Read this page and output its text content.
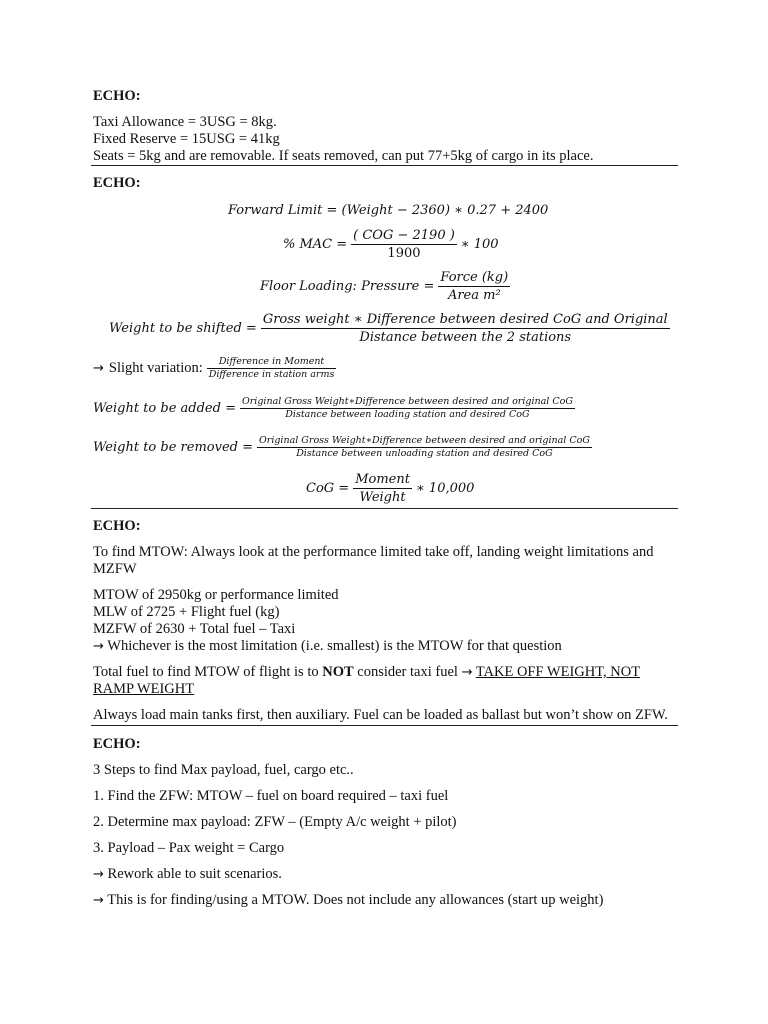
ECHO:
Taxi Allowance = 3USG = 8kg.
Fixed Reserve = 15USG = 41kg
Seats = 5kg and are removable. If seats removed, can put 77+5kg of cargo in its place.
ECHO:
Forward Limit = (Weight − 2360) ∗ 0.27 + 2400
% MAC = $\frac{\text{( COG − 2190 )}}{1900}$ ∗ 100
Floor Loading: Pressure = $\frac{\text{Force (kg)}}{\text{Area m²}}$
Weight to be shifted = $\frac{\text{Gross weight ∗ Difference between desired CoG and Original}}{\text{Distance between the 2 stations}}$
→ Slight variation: $\frac{\text{Difference in Moment}}{\text{Difference in station arms}}$
Weight to be added = Original Gross Weight∗Difference between desired and original CoG
Distance between loading station and desired CoG
Weight to be removed = Original Gross Weight∗Difference between desired and original CoG
Distance between unloading station and desired CoG
CoG = $\frac{\text{Moment}}{\text{Weight}}$ ∗ 10,000
ECHO:
To find MTOW: Always look at the performance limited take off, landing weight limitations and
MZFW
MTOW of 2950kg or performance limited
MLW of 2725 + Flight fuel (kg)
MZFW of 2630 + Total fuel – Taxi
→ Whichever is the most limitation (i.e. smallest) is the MTOW for that question
Total fuel to find MTOW of flight is to NOT consider taxi fuel → TAKE OFF WEIGHT, NOT
RAMP WEIGHT
Always load main tanks first, then auxiliary. Fuel can be loaded as ballast but won’t show on ZFW.
ECHO:
3 Steps to find Max payload, fuel, cargo etc..
1. Find the ZFW: MTOW – fuel on board required – taxi fuel
2. Determine max payload: ZFW – (Empty A/c weight + pilot)
3. Payload – Pax weight = Cargo
→ Rework able to suit scenarios.
→ This is for finding/using a MTOW. Does not include any allowances (start up weight)
